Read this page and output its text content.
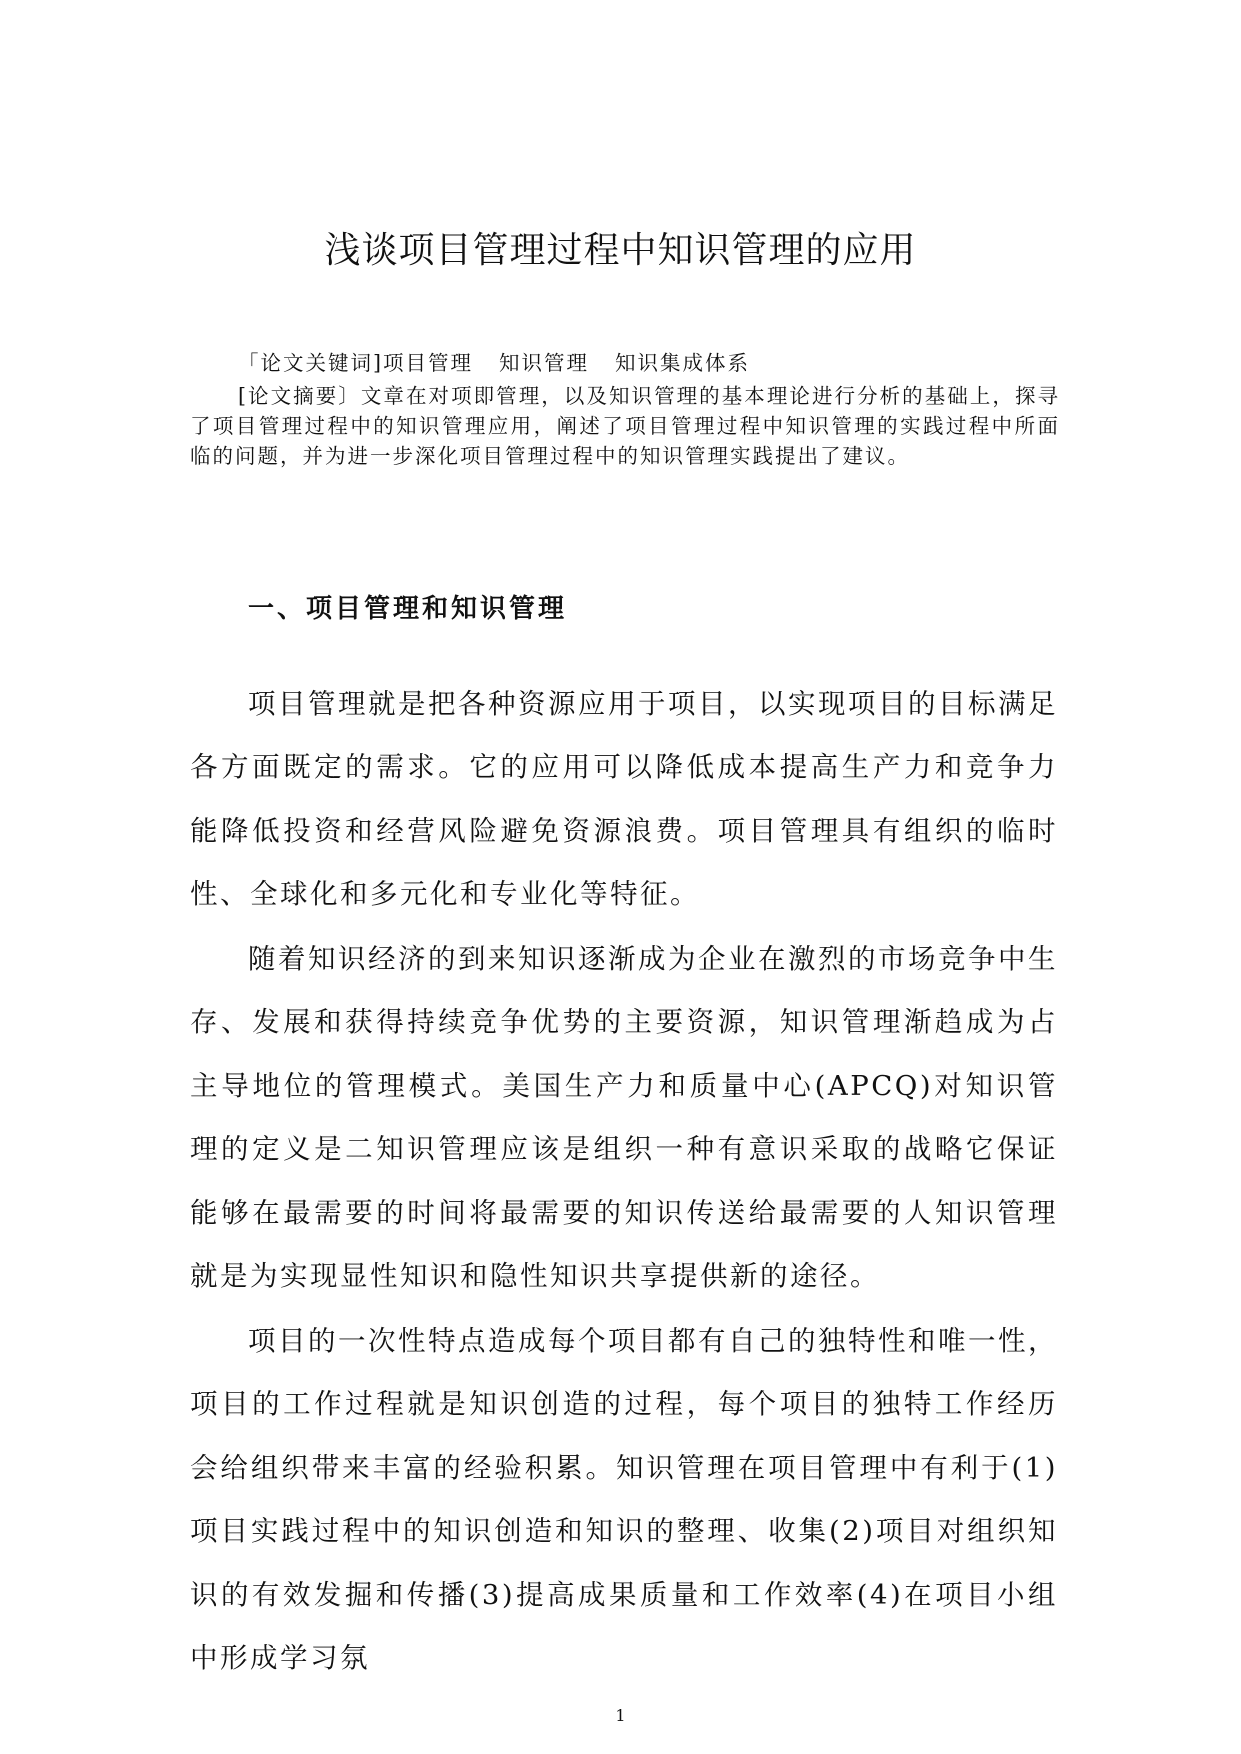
浅谈项目管理过程中知识管理的应用
「论文关键词]项目管理 知识管理 知识集成体系
[论文摘要〕文章在对项即管理，以及知识管理的基本理论进行分析的基础上，探寻了项目管理过程中的知识管理应用，阐述了项目管理过程中知识管理的实践过程中所面临的问题，并为进一步深化项目管理过程中的知识管理实践提出了建议。
一、项目管理和知识管理

项目管理就是把各种资源应用于项目，以实现项目的目标满足各方面既定的需求。它的应用可以降低成本提高生产力和竞争力能降低投资和经营风险避免资源浪费。项目管理具有组织的临时性、全球化和多元化和专业化等特征。

随着知识经济的到来知识逐渐成为企业在激烈的市场竞争中生存、发展和获得持续竞争优势的主要资源，知识管理渐趋成为占主导地位的管理模式。美国生产力和质量中心(APCQ)对知识管理的定义是二知识管理应该是组织一种有意识采取的战略它保证能够在最需要的时间将最需要的知识传送给最需要的人知识管理就是为实现显性知识和隐性知识共享提供新的途径。

项目的一次性特点造成每个项目都有自己的独特性和唯一性，项目的工作过程就是知识创造的过程，每个项目的独特工作经历会给组织带来丰富的经验积累。知识管理在项目管理中有利于(1)项目实践过程中的知识创造和知识的整理、收集(2)项目对组织知识的有效发掘和传播(3)提高成果质量和工作效率(4)在项目小组中形成学习氛

1
